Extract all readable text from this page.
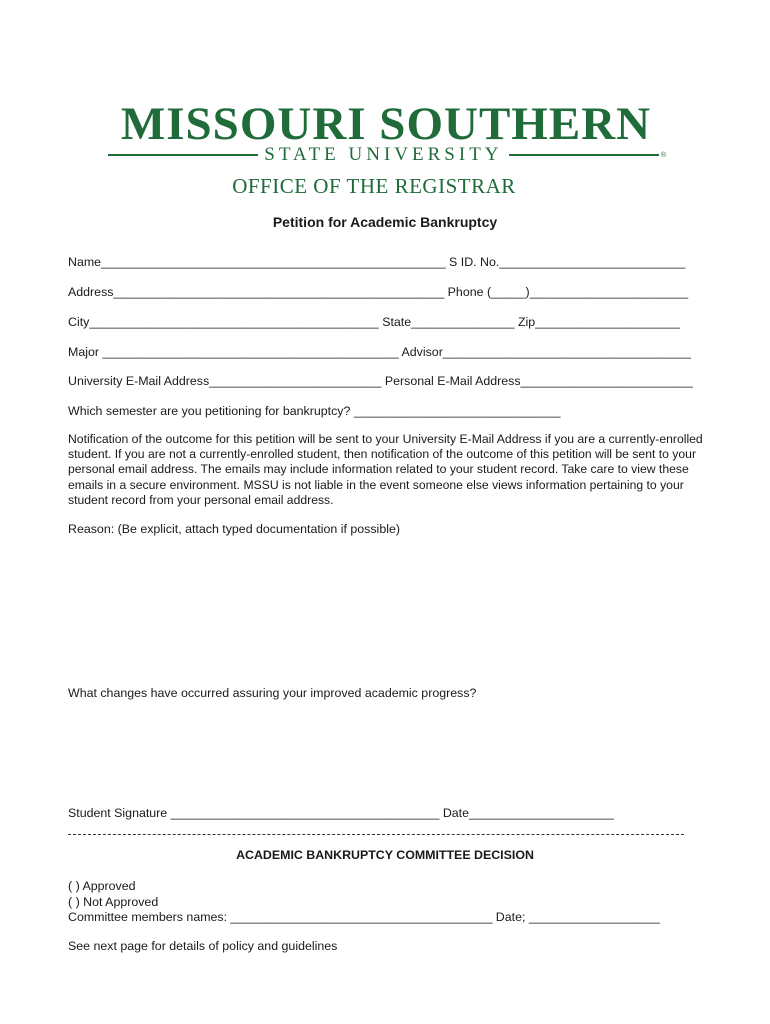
MISSOURI SOUTHERN
STATE UNIVERSITY	®
OFFICE OF THE REGISTRAR
Petition for Academic Bankruptcy
Name__________________________________________________ S ID. No.___________________________
Address________________________________________________ Phone (_____)_______________________
City__________________________________________ State_______________ Zip_____________________
Major ___________________________________________ Advisor____________________________________
University E-Mail Address_________________________ Personal E-Mail Address_________________________
Which semester are you petitioning for bankruptcy? ______________________________
Notification of the outcome for this petition will be sent to your University E-Mail Address if you are a currently-enrolled student. If you are not a currently-enrolled student, then notification of the outcome of this petition will be sent to your personal email address. The emails may include information related to your student record. Take care to view these emails in a secure environment. MSSU is not liable in the event someone else views information pertaining to your student record from your personal email address.
Reason: (Be explicit, attach typed documentation if possible)
What changes have occurred assuring your improved academic progress?
Student Signature _______________________________________ Date_____________________
ACADEMIC BANKRUPTCY COMMITTEE DECISION
( ) Approved
( ) Not Approved
Committee members names: ______________________________________ Date; ___________________
See next page for details of policy and guidelines
